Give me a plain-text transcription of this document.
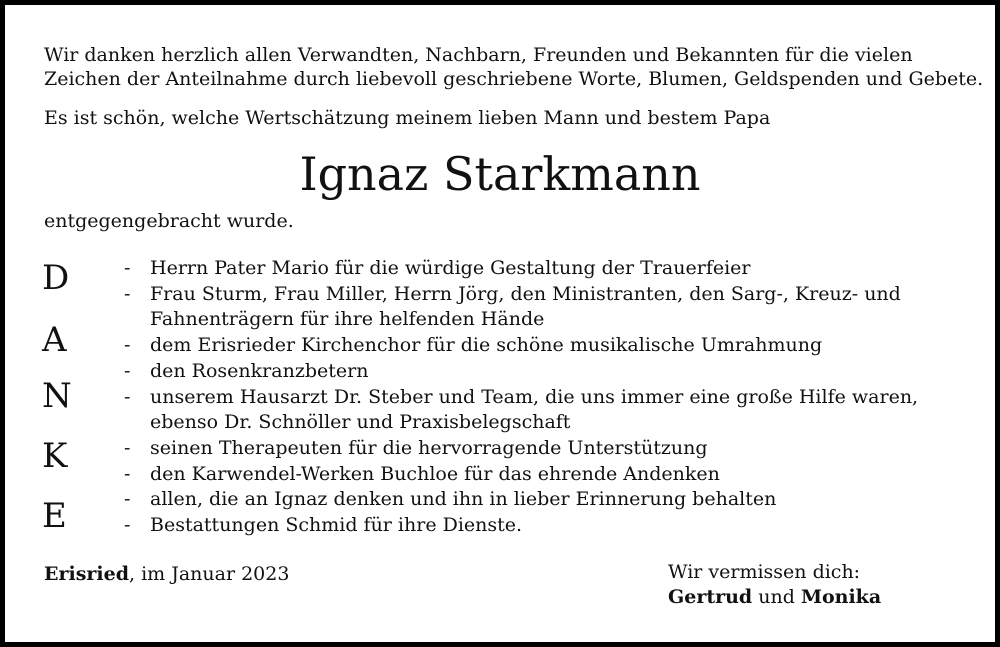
Wir danken herzlich allen Verwandten, Nachbarn, Freunden und Bekannten für die vielen
Zeichen der Anteilnahme durch liebevoll geschriebene Worte, Blumen, Geldspenden und Gebete.
Es ist schön, welche Wertschätzung meinem lieben Mann und bestem Papa
Ignaz Starkmann
entgegengebracht wurde.
D
A
N
K
E
- Herrn Pater Mario für die würdige Gestaltung der Trauerfeier
- Frau Sturm, Frau Miller, Herrn Jörg, den Ministranten, den Sarg-, Kreuz- und
Fahnenträgern für ihre helfenden Hände
- dem Erisrieder Kirchenchor für die schöne musikalische Umrahmung
- den Rosenkranzbetern
- unserem Hausarzt Dr. Steber und Team, die uns immer eine große Hilfe waren,
ebenso Dr. Schnöller und Praxisbelegschaft
- seinen Therapeuten für die hervorragende Unterstützung
- den Karwendel-Werken Buchloe für das ehrende Andenken
- allen, die an Ignaz denken und ihn in lieber Erinnerung behalten
- Bestattungen Schmid für ihre Dienste.
Erisried, im Januar 2023	Wir vermissen dich:
Gertrud und Monika
